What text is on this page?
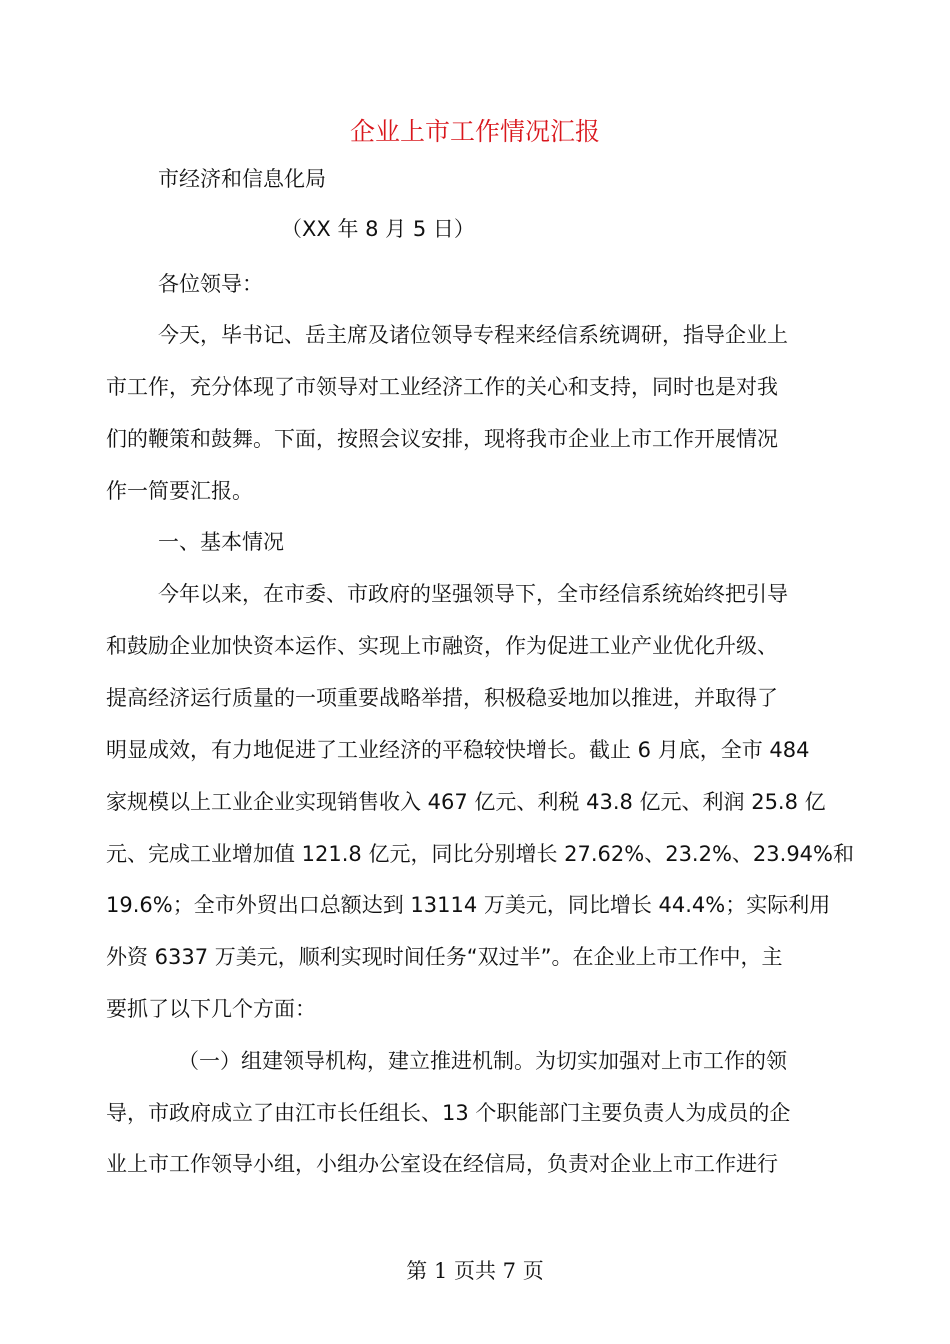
企业上市工作情况汇报
市经济和信息化局
（XX 年 8 月 5 日）
各位领导：
今天，毕书记、岳主席及诸位领导专程来经信系统调研，指导企业上
市工作，充分体现了市领导对工业经济工作的关心和支持，同时也是对我
们的鞭策和鼓舞。下面，按照会议安排，现将我市企业上市工作开展情况
作一简要汇报。
一、基本情况
今年以来，在市委、市政府的坚强领导下，全市经信系统始终把引导
和鼓励企业加快资本运作、实现上市融资，作为促进工业产业优化升级、
提高经济运行质量的一项重要战略举措，积极稳妥地加以推进，并取得了
明显成效，有力地促进了工业经济的平稳较快增长。截止 6 月底，全市 484
家规模以上工业企业实现销售收入 467 亿元、利税 43.8 亿元、利润 25.8 亿
元、完成工业增加值 121.8 亿元，同比分别增长 27.62%、23.2%、23.94%和
19.6%；全市外贸出口总额达到 13114 万美元，同比增长 44.4%；实际利用
外资 6337 万美元，顺利实现时间任务“双过半”。在企业上市工作中，主
要抓了以下几个方面：
（一）组建领导机构，建立推进机制。为切实加强对上市工作的领
导，市政府成立了由江市长任组长、13 个职能部门主要负责人为成员的企
业上市工作领导小组，小组办公室设在经信局，负责对企业上市工作进行
第 1 页共 7 页
